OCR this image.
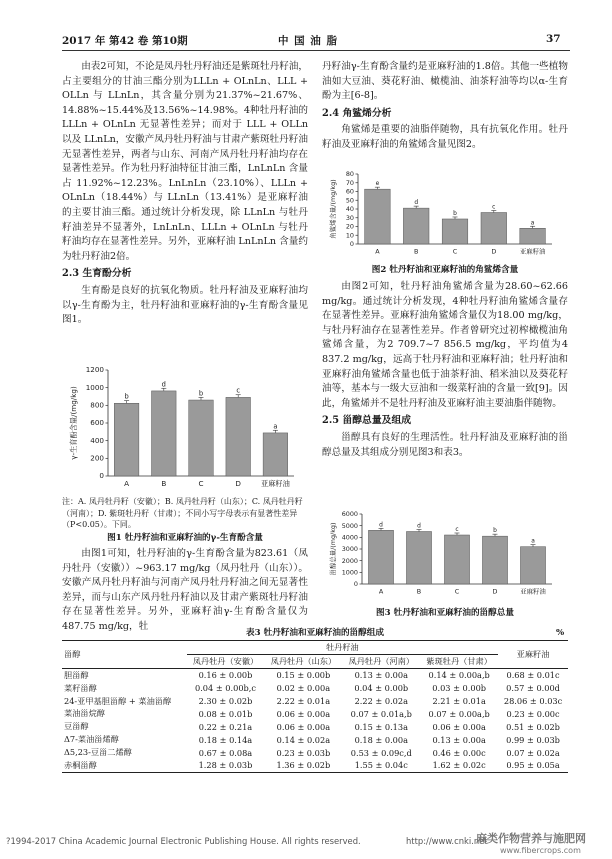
2017 年 第42 卷 第10期	中 国 油 脂	37

由表2可知，不论是凤丹牡丹籽油还是紫斑牡丹籽油，占主要组分的甘油三酯分别为LLLn + OLnLn、LLL + OLLn 与 LLnLn，其含量分别为21.37%~21.67%、14.88%~15.44%及13.56%~14.98%。4种牡丹籽油的 LLLn + OLnLn 无显著性差异；而对于 LLL + OLLn 以及 LLnLn，安徽产凤丹牡丹籽油与甘肃产紫斑牡丹籽油无显著性差异，两者与山东、河南产凤丹牡丹籽油均存在显著性差异。作为牡丹籽油特征甘油三酯，LnLnLn 含量占 11.92%~12.23%。LnLnLn（23.10%）、LLLn + OLnLn（18.44%）与 LLnLn（13.41%）是亚麻籽油的主要甘油三酯。通过统计分析发现，除 LLnLn 与牡丹籽油差异不显著外，LnLnLn、LLLn + OLnLn 与牡丹籽油均存在显著性差异。另外，亚麻籽油 LnLnLn 含量约为牡丹籽油2倍。

2.3 生育酚分析

生育酚是良好的抗氧化物质。牡丹籽油及亚麻籽油均以γ-生育酚为主，牡丹籽油和亚麻籽油的γ-生育酚含量见图1。

0
200
400
600
800
1000
1200
γ-生育酚含量/(mg/kg)	b
A
d
B
b
C
c
D
a
亚麻籽油
注：A. 凤丹牡丹籽（安徽）；B. 凤丹牡丹籽（山东）；C. 凤丹牡丹籽（河南）；D. 紫斑牡丹籽（甘肃）；不同小写字母表示有显著性差异（P<0.05）。下同。
图1 牡丹籽油和亚麻籽油的γ-生育酚含量

由图1可知，牡丹籽油的γ-生育酚含量为823.61（凤丹牡丹（安徽））~963.17 mg/kg（凤丹牡丹（山东））。安徽产凤丹牡丹籽油与河南产凤丹牡丹籽油之间无显著性差异，而与山东产凤丹牡丹籽油以及甘肃产紫斑牡丹籽油存在显著性差异。另外，亚麻籽油γ-生育酚含量仅为 487.75 mg/kg，牡

丹籽油γ-生育酚含量约是亚麻籽油的1.8倍。其他一些植物油如大豆油、葵花籽油、橄榄油、油茶籽油等均以α-生育酚为主[6-8]。

2.4 角鲨烯分析

角鲨烯是重要的油脂伴随物，具有抗氧化作用。牡丹籽油及亚麻籽油的角鲨烯含量见图2。

0
10
20
30
40
50
60
70
80
角鲨烯含量/(mg/kg)	e
A
d
B
b
C
c
D
a
亚麻籽油
图2 牡丹籽油和亚麻籽油的角鲨烯含量

由图2可知，牡丹籽油角鲨烯含量为28.60~62.66 mg/kg。通过统计分析发现，4种牡丹籽油角鲨烯含量存在显著性差异。亚麻籽油角鲨烯含量仅为18.00 mg/kg，与牡丹籽油存在显著性差异。作者曾研究过初榨橄榄油角鲨烯含量，为2 709.7~7 856.5 mg/kg，平均值为4 837.2 mg/kg，远高于牡丹籽油和亚麻籽油；牡丹籽油和亚麻籽油角鲨烯含量也低于油茶籽油、稻米油以及葵花籽油等，基本与一级大豆油和一级菜籽油的含量一致[9]。因此，角鲨烯并不是牡丹籽油及亚麻籽油主要油脂伴随物。

2.5 甾醇总量及组成

甾醇具有良好的生理活性。牡丹籽油及亚麻籽油的甾醇总量及其组成分别见图3和表3。

0
1000
2000
3000
4000
5000
6000
甾醇总量/(mg/kg)	d
A
d
B
c
C
b
D
a
亚麻籽油
图3 牡丹籽油和亚麻籽油的甾醇总量
表3 牡丹籽油和亚麻籽油的甾醇组成	%
甾醇	牡丹籽油				亚麻籽油
	凤丹牡丹（安徽）	凤丹牡丹（山东）	凤丹牡丹（河南）	紫斑牡丹（甘肃）	
胆甾醇	0.16 ± 0.00b	0.15 ± 0.00b	0.13 ± 0.00a	0.14 ± 0.00a,b	0.68 ± 0.01c
菜籽甾醇	0.04 ± 0.00b,c	0.02 ± 0.00a	0.04 ± 0.00b	0.03 ± 0.00b	0.57 ± 0.00d
24-亚甲基胆甾醇 + 菜油甾醇	2.30 ± 0.02b	2.22 ± 0.01a	2.22 ± 0.02a	2.21 ± 0.01a	28.06 ± 0.03c
菜油甾烷醇	0.08 ± 0.01b	0.06 ± 0.00a	0.07 ± 0.01a,b	0.07 ± 0.00a,b	0.23 ± 0.00c
豆甾醇	0.22 ± 0.21a	0.06 ± 0.00a	0.15 ± 0.13a	0.06 ± 0.00a	0.51 ± 0.02b
Δ7-菜油甾烯醇	0.18 ± 0.14a	0.14 ± 0.02a	0.18 ± 0.00a	0.13 ± 0.00a	0.99 ± 0.03b
Δ5,23-豆甾二烯醇	0.67 ± 0.08a	0.23 ± 0.03b	0.53 ± 0.09c,d	0.46 ± 0.00c	0.07 ± 0.02a
赤桐甾醇	1.28 ± 0.03b	1.36 ± 0.02b	1.55 ± 0.04c	1.62 ± 0.02c	0.95 ± 0.05a
?1994-2017 China Academic Journal Electronic Publishing House. All rights reserved.	http://www.cnki.net
麻类作物营养与施肥网
www.fibercrops.com
